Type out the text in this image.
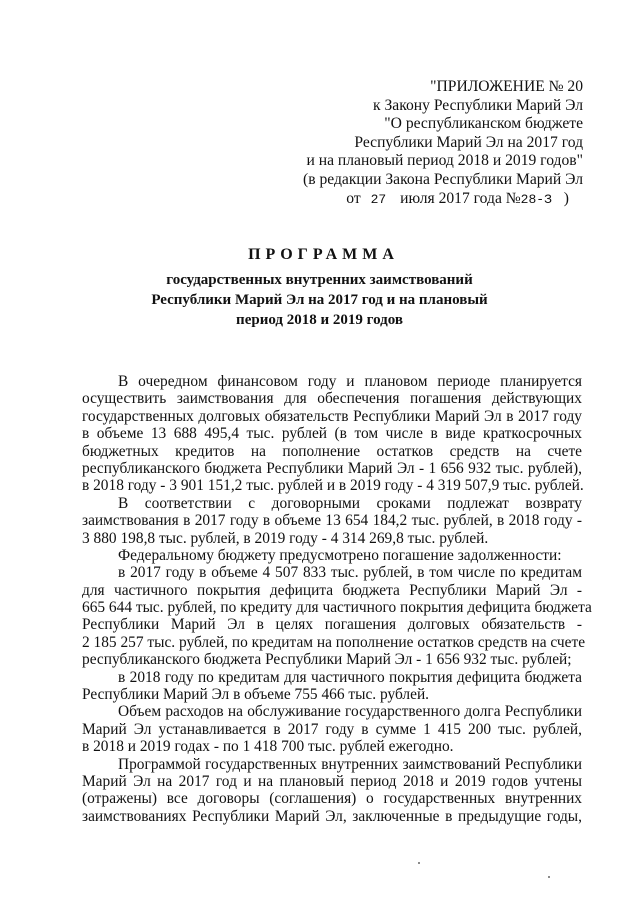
"ПРИЛОЖЕНИЕ № 20
к Закону Республики Марий Эл
"О республиканском бюджете
Республики Марий Эл на 2017 год
и на плановый период 2018 и 2019 годов"
(в редакции Закона Республики Марий Эл
от 27 июля 2017 года №28-З )
ПРОГРАММА
государственных внутренних заимствований
Республики Марий Эл на 2017 год и на плановый
период 2018 и 2019 годов
В очередном финансовом году и плановом периоде планируется
осуществить заимствования для обеспечения погашения действующих
государственных долговых обязательств Республики Марий Эл в 2017 году
в объеме 13 688 495,4 тыс. рублей (в том числе в виде краткосрочных
бюджетных кредитов на пополнение остатков средств на счете
республиканского бюджета Республики Марий Эл - 1 656 932 тыс. рублей),
в 2018 году - 3 901 151,2 тыс. рублей и в 2019 году - 4 319 507,9 тыс. рублей.
В соответствии с договорными сроками подлежат возврату
заимствования в 2017 году в объеме 13 654 184,2 тыс. рублей, в 2018 году -
3 880 198,8 тыс. рублей, в 2019 году - 4 314 269,8 тыс. рублей.
Федеральному бюджету предусмотрено погашение задолженности:
в 2017 году в объеме 4 507 833 тыс. рублей, в том числе по кредитам
для частичного покрытия дефицита бюджета Республики Марий Эл -
665 644 тыс. рублей, по кредиту для частичного покрытия дефицита бюджета
Республики Марий Эл в целях погашения долговых обязательств -
2 185 257 тыс. рублей, по кредитам на пополнение остатков средств на счете
республиканского бюджета Республики Марий Эл - 1 656 932 тыс. рублей;
в 2018 году по кредитам для частичного покрытия дефицита бюджета
Республики Марий Эл в объеме 755 466 тыс. рублей.
Объем расходов на обслуживание государственного долга Республики
Марий Эл устанавливается в 2017 году в сумме 1 415 200 тыс. рублей,
в 2018 и 2019 годах - по 1 418 700 тыс. рублей ежегодно.
Программой государственных внутренних заимствований Республики
Марий Эл на 2017 год и на плановый период 2018 и 2019 годов учтены
(отражены) все договоры (соглашения) о государственных внутренних
заимствованиях Республики Марий Эл, заключенные в предыдущие годы,
